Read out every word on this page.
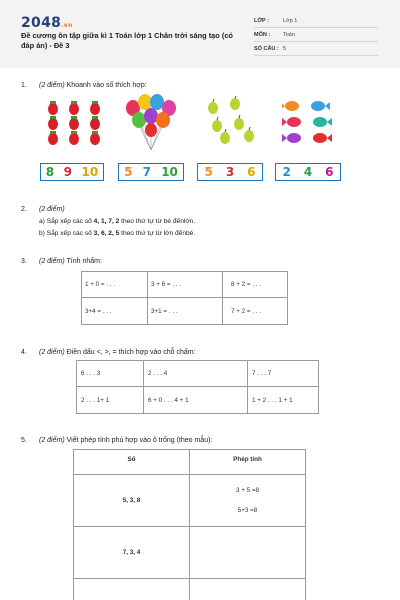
2048.vn
Đề cương ôn tập giữa kì 1 Toán lớp 1 Chân trời sáng tạo (có đáp án) - Đề 3
LỚP :	Lớp 1
MÔN : Toán
SỐ CÂU : 5
1. (2 điểm) Khoanh vào số thích hợp:
8 9 10 5 7 10 5 3 6 2 4 6
2. (2 điểm)
a) Sắp xếp các số 4, 1, 7, 2 theo thứ tự từ bé đếnlớn.
b) Sắp xếp các số 3, 6, 2, 5 theo thứ tự từ lớn đếnbé.
3. (2 điểm) Tính nhẩm:
1 + 0 = . . .	3 + 6 = . . .	8 + 2 = . . .
3+4 = . . .	3+1 = . . .	7 + 2 = . . .
4. (2 điểm) Điền dấu <, >, = thích hợp vào chỗ chấm:
6 . . . 3	2 . . . 4	7 . . . 7
2 . . . 1+ 1	6 + 0 . . . 4 + 1	1 + 2 . . . 1 + 1
5. (2 điểm) Viết phép tính phù hợp vào ô trống (theo mẫu):
Số	Phép tính
5, 3, 8	3 + 5 =8
5+3 =8

7, 3, 4	
